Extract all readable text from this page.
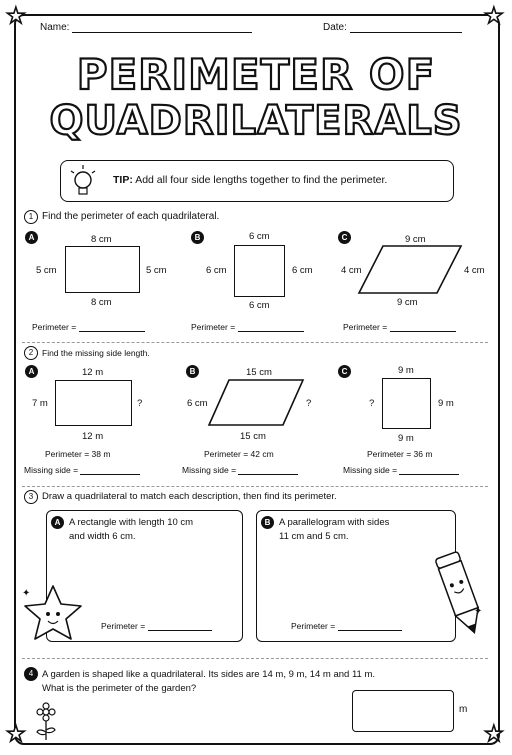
★	★
★	★
Name:	Date:
PERIMETER OF
QUADRILATERALS
TIP: Add all four side lengths together to find the perimeter.
1 Find the perimeter of each quadrilateral.
A	8 cm
8 cm
5 cm	5 cm
Perimeter =
B	6 cm
6 cm
6 cm	6 cm
Perimeter =
C	9 cm
9 cm
4 cm	4 cm
Perimeter =
2	Find the missing side length.
A	12 m
12 m
7 m	?
Perimeter = 38 m
Missing side =
B	15 cm
15 cm
6 cm	?
Perimeter = 42 cm
Missing side =
C	9 m
9 m
?	9 m
Perimeter = 36 m
Missing side =
3 Draw a quadrilateral to match each description, then find its perimeter.
A A rectangle with length 10 cm
and width 6 cm.
Perimeter =
B A parallelogram with sides
11 cm and 5 cm.
Perimeter =
✦
✦
4 A garden is shaped like a quadrilateral. Its sides are 14 m, 9 m, 14 m and 11 m.
What is the perimeter of the garden?
m
